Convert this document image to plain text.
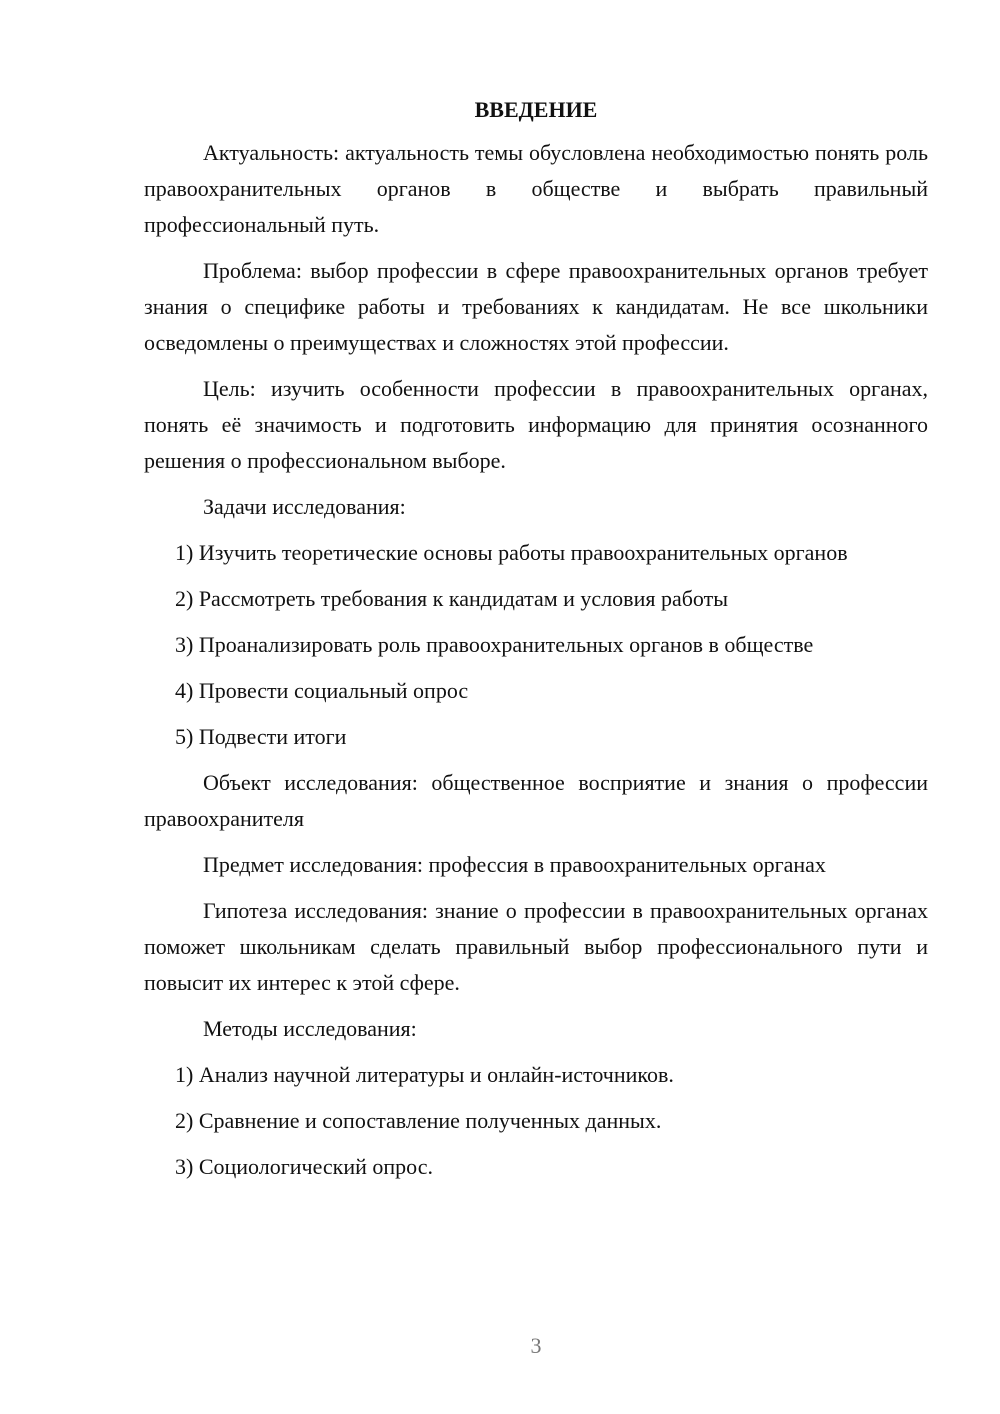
ВВЕДЕНИЕ

Актуальность: актуальность темы обусловлена необходимостью понять роль правоохранительных органов в обществе и выбрать правильный профессиональный путь.

Проблема: выбор профессии в сфере правоохранительных органов требует знания о специфике работы и требованиях к кандидатам. Не все школьники осведомлены о преимуществах и сложностях этой профессии.

Цель: изучить особенности профессии в правоохранительных органах, понять её значимость и подготовить информацию для принятия осознанного решения о профессиональном выборе.

Задачи исследования:

1) Изучить теоретические основы работы правоохранительных органов

2) Рассмотреть требования к кандидатам и условия работы

3) Проанализировать роль правоохранительных органов в обществе

4) Провести социальный опрос

5) Подвести итоги

Объект исследования: общественное восприятие и знания о профессии правоохранителя

Предмет исследования: профессия в правоохранительных органах

Гипотеза исследования: знание о профессии в правоохранительных органах поможет школьникам сделать правильный выбор профессионального пути и повысит их интерес к этой сфере.

Методы исследования:

1) Анализ научной литературы и онлайн-источников.

2) Сравнение и сопоставление полученных данных.

3) Социологический опрос.

3
